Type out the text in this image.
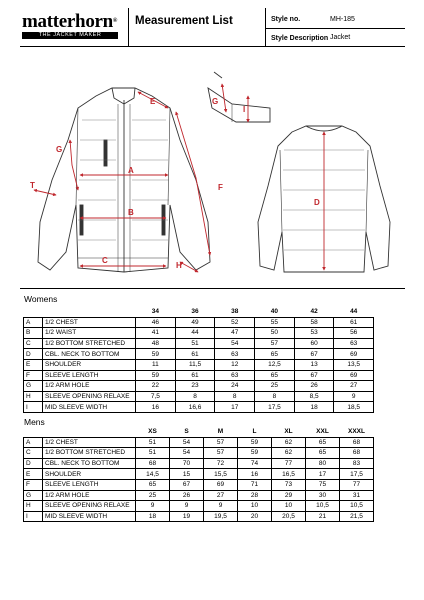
matterhorn®
THE JACKET MAKER
Measurement List	Style no.	MH-185
Style Description Jacket
A
B
C
E
F
G
T
H
G
I
D
Womens
		34	36	38	40	42	44
A	1/2 CHEST	46	49	52	55	58	61
B	1/2 WAIST	41	44	47	50	53	56
C	1/2 BOTTOM STRETCHED	48	51	54	57	60	63
D	CBL. NECK TO BOTTOM	59	61	63	65	67	69
E	SHOULDER	11	11,5	12	12,5	13	13,5
F	SLEEVE LENGTH	59	61	63	65	67	69
G	1/2 ARM HOLE	22	23	24	25	26	27
H	SLEEVE OPENING RELAXE	7,5	8	8	8	8,5	9
I	MID SLEEVE WIDTH	16	16,6	17	17,5	18	18,5
Mens
		XS	S	M	L	XL	XXL	XXXL
A	1/2 CHEST	51	54	57	59	62	65	68
C	1/2 BOTTOM STRETCHED	51	54	57	59	62	65	68
D	CBL. NECK TO BOTTOM	68	70	72	74	77	80	83
E	SHOULDER	14,5	15	15,5	16	16,5	17	17,5
F	SLEEVE LENGTH	65	67	69	71	73	75	77
G	1/2 ARM HOLE	25	26	27	28	29	30	31
H	SLEEVE OPENING RELAXE	9	9	9	10	10	10,5	10,5
I	MID SLEEVE WIDTH	18	19	19,5	20	20,5	21	21,5
